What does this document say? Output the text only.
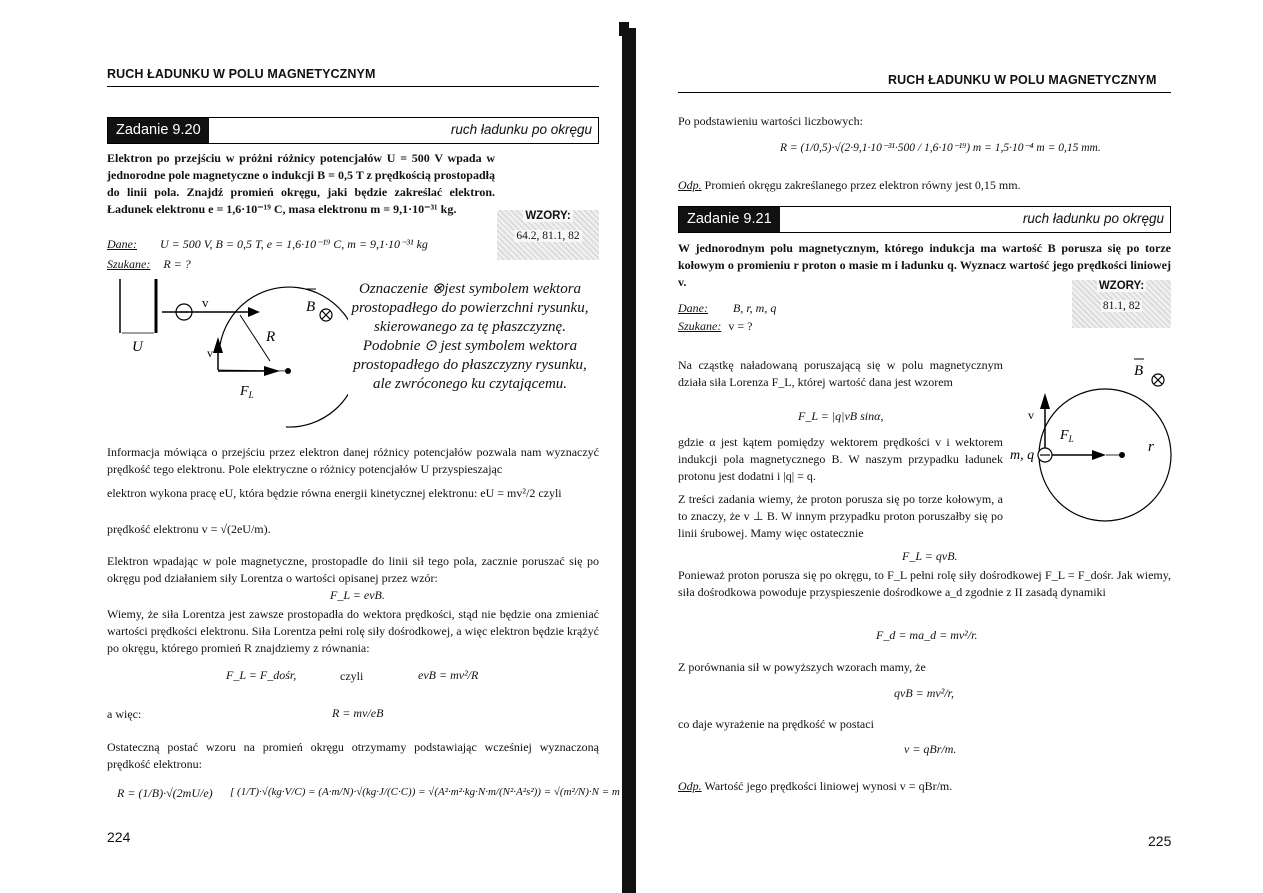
RUCH ŁADUNKU W POLU MAGNETYCZNYM
Zadanie 9.20	ruch ładunku po okręgu
Elektron po przejściu w próżni różnicy potencjałów U = 500 V wpada w jednorodne pole magnetyczne o indukcji B = 0,5 T z prędkością prostopadłą do linii pola. Znajdź promień okręgu, jaki będzie zakreślać elektron. Ładunek elektronu e = 1,6·10⁻¹⁹ C, masa elektronu m = 9,1·10⁻³¹ kg.	WZORY:
64.2, 81.1, 82
Dane: U = 500 V, B = 0,5 T, e = 1,6·10⁻¹⁹ C, m = 9,1·10⁻³¹ kg
Szukane: R = ?
v
U	v
R
$F_L$
B
Oznaczenie ⊗jest symbolem wektora prostopadłego do powierzchni rysunku, skierowanego za tę płaszczyznę. Podobnie ⊙ jest symbolem wektora prostopadłego do płaszczyzny rysunku, ale zwróconego ku czytającemu.
Informacja mówiąca o przejściu przez elektron danej różnicy potencjałów pozwala nam wyznaczyć prędkość tego elektronu. Pole elektryczne o różnicy potencjałów U przyspieszając
elektron wykona pracę eU, która będzie równa energii kinetycznej elektronu: eU = mv²/2 czyli
prędkość elektronu v = √(2eU/m).
Elektron wpadając w pole magnetyczne, prostopadle do linii sił tego pola, zacznie poruszać się po okręgu pod działaniem siły Lorentza o wartości opisanej przez wzór:
F_L = evB.
Wiemy, że siła Lorentza jest zawsze prostopadła do wektora prędkości, stąd nie będzie ona zmieniać wartości prędkości elektronu. Siła Lorentza pełni rolę siły dośrodkowej, a więc elektron będzie krążyć po okręgu, którego promień R znajdziemy z równania:
F_L = F_dośr,	czyli	evB = mv²/R
a więc:	R = mv/eB
Ostateczną postać wzoru na promień okręgu otrzymamy podstawiając wcześniej wyznaczoną prędkość elektronu:
R = (1/B)·√(2mU/e) [ (1/T)·√(kg·V/C) = (A·m/N)·√(kg·J/(C·C)) = √(A²·m²·kg·N·m/(N²·A²s²)) = √(m²/N)·N = m ]
224
RUCH ŁADUNKU W POLU MAGNETYCZNYM
Po podstawieniu wartości liczbowych:
R = (1/0,5)·√(2·9,1·10⁻³¹·500 / 1,6·10⁻¹⁹) m = 1,5·10⁻⁴ m = 0,15 mm.
Odp. Promień okręgu zakreślanego przez elektron równy jest 0,15 mm.
Zadanie 9.21	ruch ładunku po okręgu
W jednorodnym polu magnetycznym, którego indukcja ma wartość B porusza się po torze kołowym o promieniu r proton o masie m i ładunku q. Wyznacz wartość jego prędkości liniowej v.	WZORY:
81.1, 82
Dane: B, r, m, q
Szukane: v = ?
Na cząstkę naładowaną poruszającą się w polu magnetycznym działa siła Lorenza F_L, której wartość dana jest wzorem
F_L = |q|vB sinα,
gdzie α jest kątem pomiędzy wektorem prędkości v i wektorem indukcji pola magnetycznego B. W naszym przypadku ładunek protonu jest dodatni i |q| = q.
Z treści zadania wiemy, że proton porusza się po torze kołowym, a to znaczy, że v ⊥ B. W innym przypadku proton poruszałby się po linii śrubowej. Mamy więc ostatecznie
B
v
$F_L$	r
m, q
F_L = qvB.
Ponieważ proton porusza się po okręgu, to F_L pełni rolę siły dośrodkowej F_L = F_dośr. Jak wiemy, siła dośrodkowa powoduje przyspieszenie dośrodkowe a_d zgodnie z II zasadą dynamiki
F_d = ma_d = mv²/r.
Z porównania sił w powyższych wzorach mamy, że
qvB = mv²/r,
co daje wyrażenie na prędkość w postaci
v = qBr/m.
Odp. Wartość jego prędkości liniowej wynosi v = qBr/m.
225
